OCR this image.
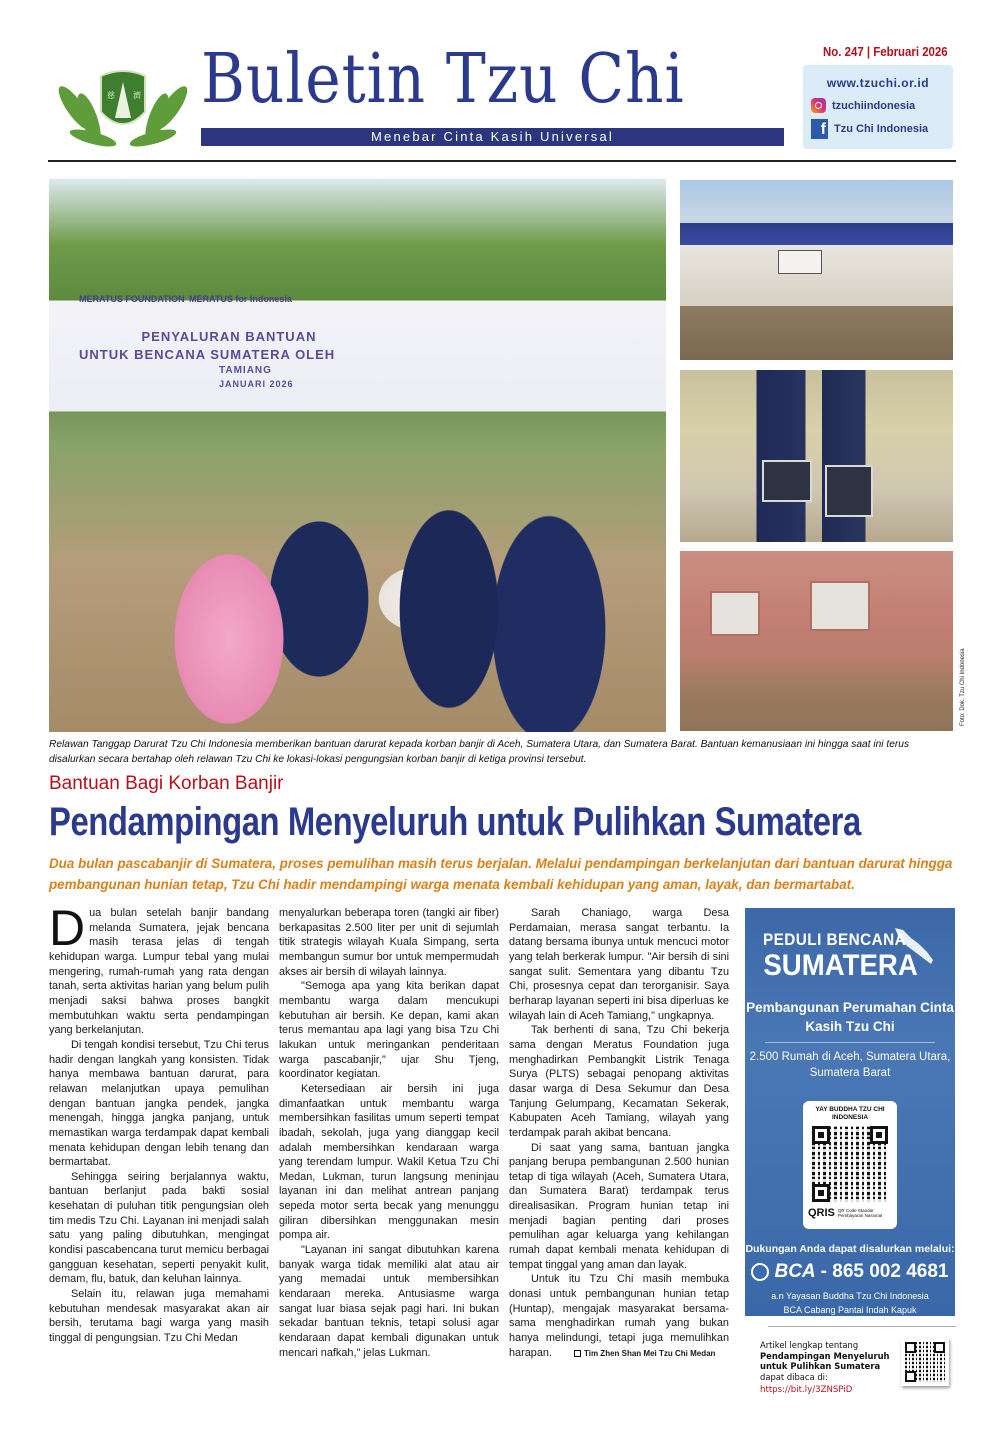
慈 濟 Buletin Tzu Chi
Menebar Cinta Kasih Universal
No. 247 | Februari 2026
www.tzuchi.or.id
tzuchiindonesia
f Tzu Chi Indonesia
MERATUS FOUNDATION MERATUS for Indonesia
PENYALURAN BANTUAN
UNTUK BENCANA SUMATERA OLEH
TAMIANG
JANUARI 2026
Foto: Dok. Tzu Chi Indonesia

Relawan Tanggap Darurat Tzu Chi Indonesia memberikan bantuan darurat kepada korban banjir di Aceh, Sumatera Utara, dan Sumatera Barat. Bantuan kemanusiaan ini hingga saat ini terus disalurkan secara bertahap oleh relawan Tzu Chi ke lokasi-lokasi pengungsian korban banjir di ketiga provinsi tersebut.

Bantuan Bagi Korban Banjir
Pendampingan Menyeluruh untuk Pulihkan Sumatera

Dua bulan pascabanjir di Sumatera, proses pemulihan masih terus berjalan. Melalui pendampingan berkelanjutan dari bantuan darurat hingga pembangunan hunian tetap, Tzu Chi hadir mendampingi warga menata kembali kehidupan yang aman, layak, dan bermartabat.

Dua bulan setelah banjir bandang melanda Sumatera, jejak bencana masih terasa jelas di tengah kehidupan warga. Lumpur tebal yang mulai mengering, rumah-rumah yang rata dengan tanah, serta aktivitas harian yang belum pulih menjadi saksi bahwa proses bangkit membutuhkan waktu serta pendampingan yang berkelanjutan.

Di tengah kondisi tersebut, Tzu Chi terus hadir dengan langkah yang konsisten. Tidak hanya membawa bantuan darurat, para relawan melanjutkan upaya pemulihan dengan bantuan jangka pendek, jangka menengah, hingga jangka panjang, untuk memastikan warga terdampak dapat kembali menata kehidupan dengan lebih tenang dan bermartabat.

Sehingga seiring berjalannya waktu, bantuan berlanjut pada bakti sosial kesehatan di puluhan titik pengungsian oleh tim medis Tzu Chi. Layanan ini menjadi salah satu yang paling dibutuhkan, mengingat kondisi pascabencana turut memicu berbagai gangguan kesehatan, seperti penyakit kulit, demam, flu, batuk, dan keluhan lainnya.

Selain itu, relawan juga memahami kebutuhan mendesak masyarakat akan air bersih, terutama bagi warga yang masih tinggal di pengungsian. Tzu Chi Medan

menyalurkan beberapa toren (tangki air fiber) berkapasitas 2.500 liter per unit di sejumlah titik strategis wilayah Kuala Simpang, serta membangun sumur bor untuk mempermudah akses air bersih di wilayah lainnya.

"Semoga apa yang kita berikan dapat membantu warga dalam mencukupi kebutuhan air bersih. Ke depan, kami akan terus memantau apa lagi yang bisa Tzu Chi lakukan untuk meringankan penderitaan warga pascabanjir," ujar Shu Tjeng, koordinator kegiatan.

Ketersediaan air bersih ini juga dimanfaatkan untuk membantu warga membersihkan fasilitas umum seperti tempat ibadah, sekolah, juga yang dianggap kecil adalah membersihkan kendaraan warga yang terendam lumpur. Wakil Ketua Tzu Chi Medan, Lukman, turun langsung meninjau layanan ini dan melihat antrean panjang sepeda motor serta becak yang menunggu giliran dibersihkan menggunakan mesin pompa air.

"Layanan ini sangat dibutuhkan karena banyak warga tidak memiliki alat atau air yang memadai untuk membersihkan kendaraan mereka. Antusiasme warga sangat luar biasa sejak pagi hari. Ini bukan sekadar bantuan teknis, tetapi solusi agar kendaraan dapat kembali digunakan untuk mencari nafkah," jelas Lukman.

Sarah Chaniago, warga Desa Perdamaian, merasa sangat terbantu. Ia datang bersama ibunya untuk mencuci motor yang telah berkerak lumpur. "Air bersih di sini sangat sulit. Sementara yang dibantu Tzu Chi, prosesnya cepat dan terorganisir. Saya berharap layanan seperti ini bisa diperluas ke wilayah lain di Aceh Tamiang," ungkapnya.

Tak berhenti di sana, Tzu Chi bekerja sama dengan Meratus Foundation juga menghadirkan Pembangkit Listrik Tenaga Surya (PLTS) sebagai penopang aktivitas dasar warga di Desa Sekumur dan Desa Tanjung Gelumpang, Kecamatan Sekerak, Kabupaten Aceh Tamiang, wilayah yang terdampak parah akibat bencana.

Di saat yang sama, bantuan jangka panjang berupa pembangunan 2.500 hunian tetap di tiga wilayah (Aceh, Sumatera Utara, dan Sumatera Barat) terdampak terus direalisasikan. Program hunian tetap ini menjadi bagian penting dari proses pemulihan agar keluarga yang kehilangan rumah dapat kembali menata kehidupan di tempat tinggal yang aman dan layak.

Untuk itu Tzu Chi masih membuka donasi untuk pembangunan hunian tetap (Huntap), mengajak masyarakat bersama-sama menghadirkan rumah yang bukan hanya melindungi, tetapi juga memulihkan harapan.	Tim Zhen Shan Mei Tzu Chi Medan

PEDULI BENCANA
SUMATERA
Pembangunan Perumahan Cinta Kasih Tzu Chi
2.500 Rumah di Aceh, Sumatera Utara, Sumatera Barat
YAY BUDDHA TZU CHI INDONESIA
QRIS QR Code Standar Pembayaran Nasional
Dukungan Anda dapat disalurkan melalui:
BCA - 865 002 4681
a.n Yayasan Buddha Tzu Chi Indonesia
BCA Cabang Pantai Indah Kapuk
Artikel lengkap tentang
Pendampingan Menyeluruh untuk Pulihkan Sumatera
dapat dibaca di:
https://bit.ly/3ZNSPiD
